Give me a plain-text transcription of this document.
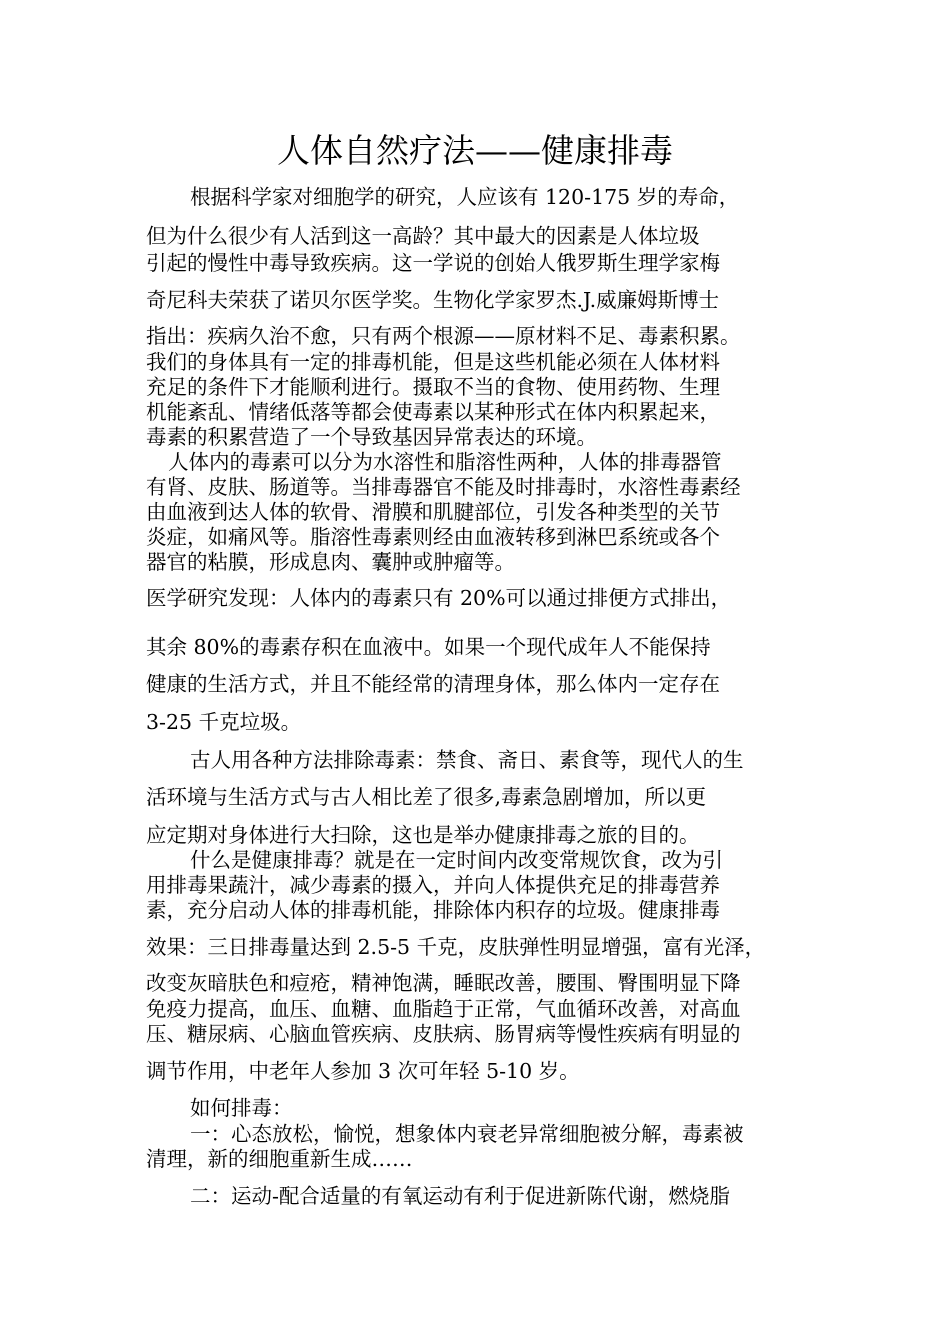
人体自然疗法——健康排毒
根据科学家对细胞学的研究，人应该有 120-175 岁的寿命，
但为什么很少有人活到这一高龄？其中最大的因素是人体垃圾
引起的慢性中毒导致疾病。这一学说的创始人俄罗斯生理学家梅
奇尼科夫荣获了诺贝尔医学奖。生物化学家罗杰.J.威廉姆斯博士
指出：疾病久治不愈，只有两个根源——原材料不足、毒素积累。
我们的身体具有一定的排毒机能，但是这些机能必须在人体材料
充足的条件下才能顺利进行。摄取不当的食物、使用药物、生理
机能紊乱、情绪低落等都会使毒素以某种形式在体内积累起来，
毒素的积累营造了一个导致基因异常表达的环境。
人体内的毒素可以分为水溶性和脂溶性两种，人体的排毒器管
有肾、皮肤、肠道等。当排毒器官不能及时排毒时，水溶性毒素经
由血液到达人体的软骨、滑膜和肌腱部位，引发各种类型的关节
炎症，如痛风等。脂溶性毒素则经由血液转移到淋巴系统或各个
器官的粘膜，形成息肉、囊肿或肿瘤等。
医学研究发现：人体内的毒素只有 20%可以通过排便方式排出，
其余 80%的毒素存积在血液中。如果一个现代成年人不能保持
健康的生活方式，并且不能经常的清理身体，那么体内一定存在
3-25 千克垃圾。
古人用各种方法排除毒素：禁食、斋日、素食等，现代人的生
活环境与生活方式与古人相比差了很多,毒素急剧增加，所以更
应定期对身体进行大扫除，这也是举办健康排毒之旅的目的。
什么是健康排毒？就是在一定时间内改变常规饮食，改为引
用排毒果蔬汁，减少毒素的摄入，并向人体提供充足的排毒营养
素，充分启动人体的排毒机能，排除体内积存的垃圾。健康排毒
效果：三日排毒量达到 2.5-5 千克，皮肤弹性明显增强，富有光泽，
改变灰暗肤色和痘疮，精神饱满，睡眠改善，腰围、臀围明显下降
免疫力提高，血压、血糖、血脂趋于正常，气血循环改善，对高血
压、糖尿病、心脑血管疾病、皮肤病、肠胃病等慢性疾病有明显的
调节作用，中老年人参加 3 次可年轻 5-10 岁。
如何排毒：
一：心态放松，愉悦，想象体内衰老异常细胞被分解，毒素被
清理，新的细胞重新生成……
二：运动-配合适量的有氧运动有利于促进新陈代谢，燃烧脂
